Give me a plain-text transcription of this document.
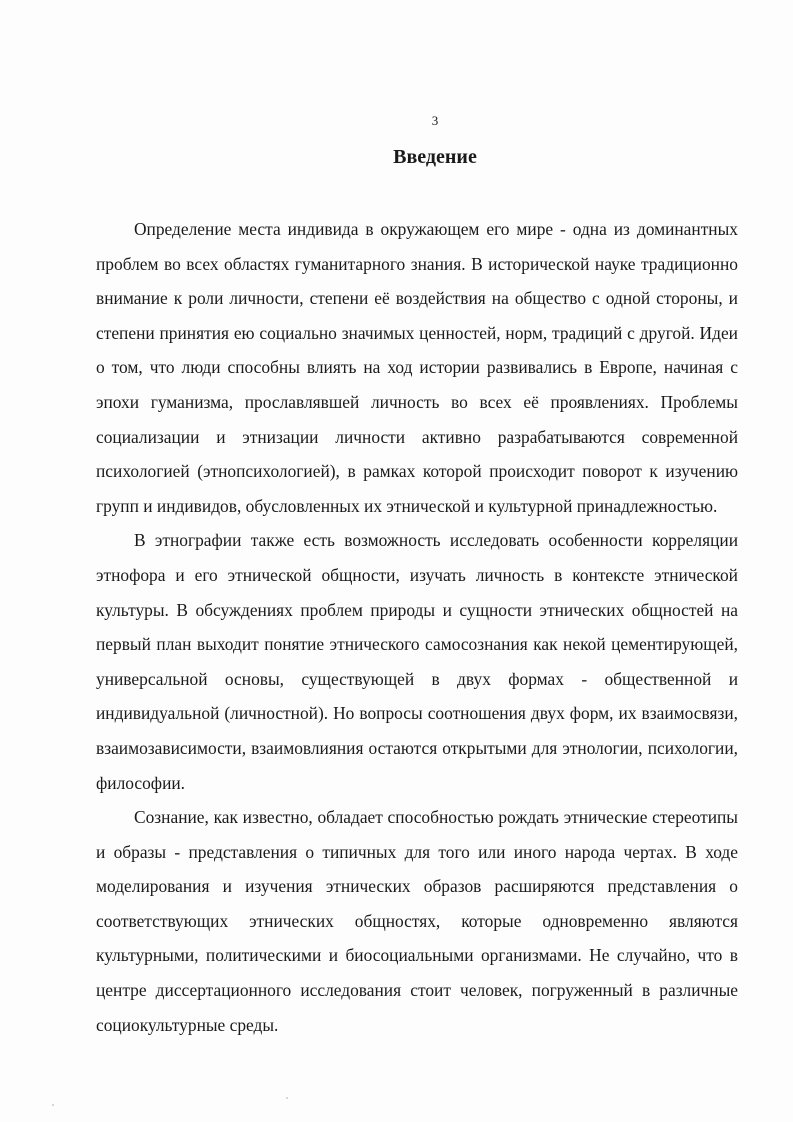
3
Введение

Определение места индивида в окружающем его мире - одна из доминантных проблем во всех областях гуманитарного знания. В исторической науке традиционно внимание к роли личности, степени её воздействия на общество с одной стороны, и степени принятия ею социально значимых ценностей, норм, традиций с другой. Идеи о том, что люди способны влиять на ход истории развивались в Европе, начиная с эпохи гуманизма, прославлявшей личность во всех её проявлениях. Проблемы социализации и этнизации личности активно разрабатываются современной психологией (этнопсихологией), в рамках которой происходит поворот к изучению групп и индивидов, обусловленных их этнической и культурной принадлежностью.

В этнографии также есть возможность исследовать особенности корреляции этнофора и его этнической общности, изучать личность в контексте этнической культуры. В обсуждениях проблем природы и сущности этнических общностей на первый план выходит понятие этнического самосознания как некой цементирующей, универсальной основы, существующей в двух формах - общественной и индивидуальной (личностной). Но вопросы соотношения двух форм, их взаимосвязи, взаимозависимости, взаимовлияния остаются открытыми для этнологии, психологии, философии.

Сознание, как известно, обладает способностью рождать этнические стереотипы и образы - представления о типичных для того или иного народа чертах. В ходе моделирования и изучения этнических образов расширяются представления о соответствующих этнических общностях, которые одновременно являются культурными, политическими и биосоциальными организмами. Не случайно, что в центре диссертационного исследования стоит человек, погруженный в различные социокультурные среды.
